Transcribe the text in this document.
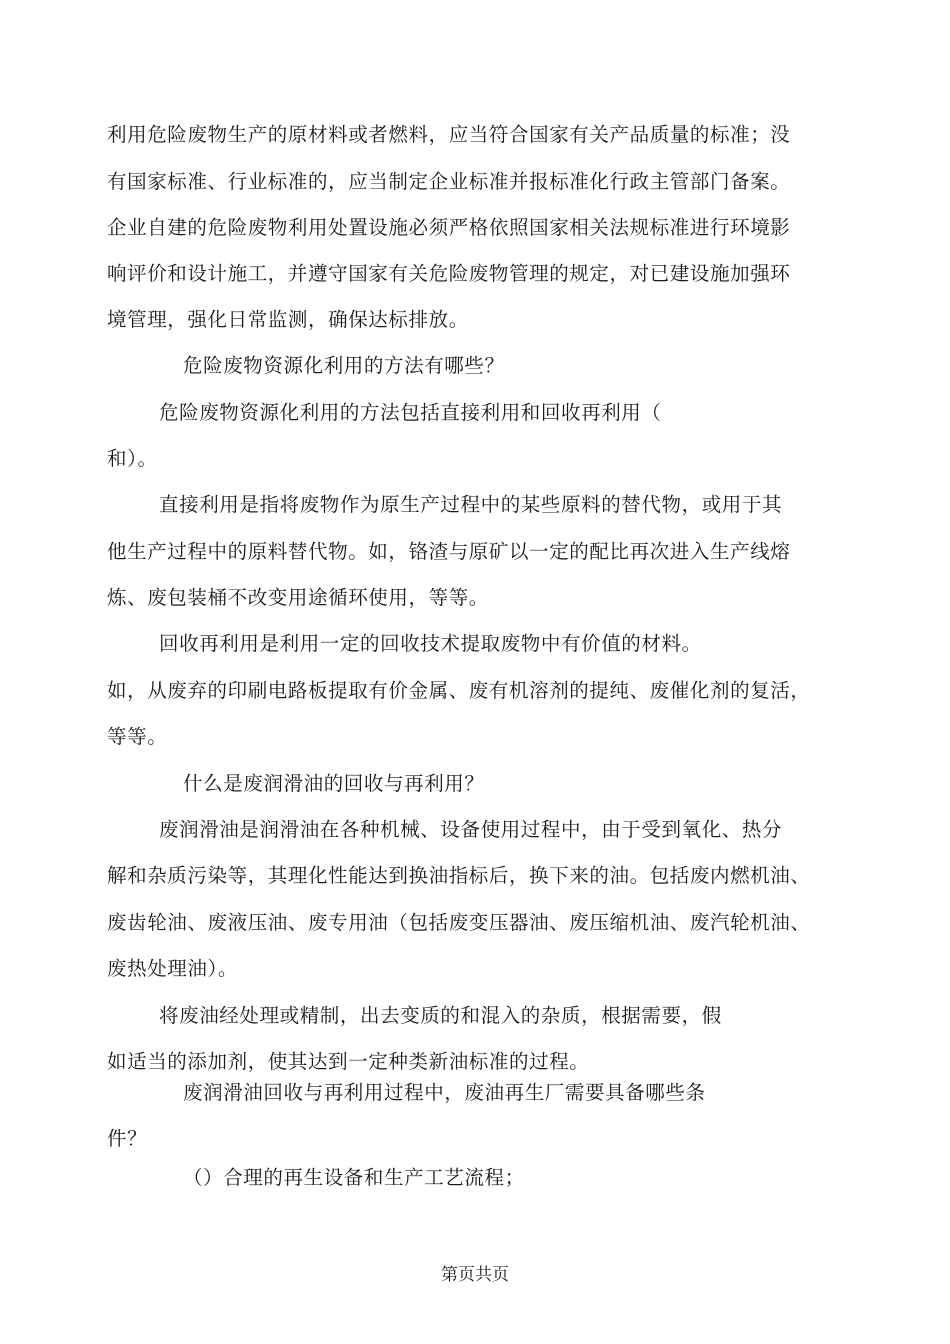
利用危险废物生产的原材料或者燃料，应当符合国家有关产品质量的标准；没
有国家标准、行业标准的，应当制定企业标准并报标准化行政主管部门备案。
企业自建的危险废物利用处置设施必须严格依照国家相关法规标准进行环境影
响评价和设计施工，并遵守国家有关危险废物管理的规定，对已建设施加强环
境管理，强化日常监测，确保达标排放。
危险废物资源化利用的方法有哪些？
危险废物资源化利用的方法包括直接利用和回收再利用（
和）。
直接利用是指将废物作为原生产过程中的某些原料的替代物，或用于其
他生产过程中的原料替代物。如，铬渣与原矿以一定的配比再次进入生产线熔
炼、废包装桶不改变用途循环使用，等等。
回收再利用是利用一定的回收技术提取废物中有价值的材料。
如，从废弃的印刷电路板提取有价金属、废有机溶剂的提纯、废催化剂的复活，
等等。
什么是废润滑油的回收与再利用？
废润滑油是润滑油在各种机械、设备使用过程中，由于受到氧化、热分
解和杂质污染等，其理化性能达到换油指标后，换下来的油。包括废内燃机油、
废齿轮油、废液压油、废专用油（包括废变压器油、废压缩机油、废汽轮机油、
废热处理油）。
将废油经处理或精制，出去变质的和混入的杂质，根据需要，假
如适当的添加剂，使其达到一定种类新油标准的过程。
废润滑油回收与再利用过程中，废油再生厂需要具备哪些条
件？
（）合理的再生设备和生产工艺流程；
第页共页
